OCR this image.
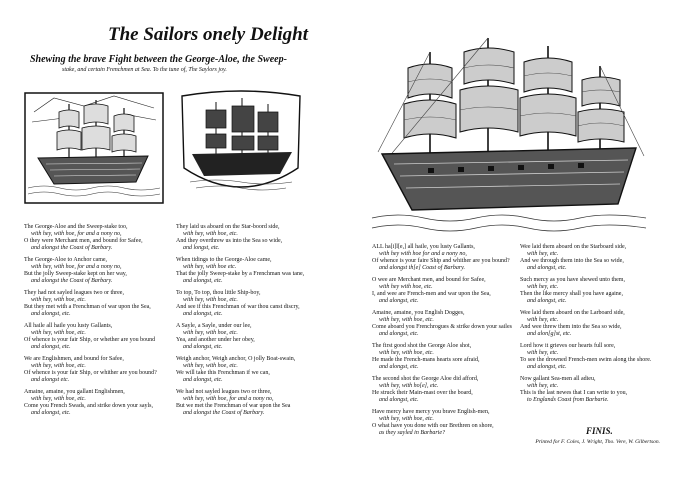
The Sailors onely Delight
Shewing the brave Fight between the George-Aloe, the Sweep-
stake, and certain Frenchmen at Sea. To the tune of, The Saylors joy.
The George-Aloe and the Sweep-stake too,
with hey, with hoe, for and a nony no,
O they were Merchant men, and bound for Safee,
and alongst the Coast of Barbary.
The George-Aloe to Anchor came,
with hey, with hoe, for and a nony no,
But the jolly Sweep-stake kept on her way,
and alongst the Coast of Barbary.
They had not sayled leagues two or three,
with hey, with hoe, etc.
But they met with a Frenchman of war upon the Sea,
and alongst, etc.
All haile all haile you lusty Gallants,
with hey, with hoe, etc.
Of whence is your fair Ship, or whether are you bound
and alongst, etc.
We are Englishmen, and bound for Safee,
with hey, with hoe, etc.
Of whence is your fair Ship, or whither are you bound?
and alongst etc.
Amaine, amaine, you gallant Englishmen,
with hey, with hoe, etc.
Come you French Swads, and strike down your sayls,
and alongst, etc.
They laid us aboard on the Star-boord side,
with hey, with hoe, etc.
And they overthrew us into the Sea so wide,
and longst, etc.
When tidings to the George-Aloe came,
with hey, with hoe etc.
That the jolly Sweep-stake by a Frenchman was tane,
and alongst, etc.
To top, To top, thou little Ship-boy,
with hey, with hoe, etc.
And see if this Frenchman of war thou canst discry,
and alongst, etc.
A Sayle, a Sayle, under our lee,
with hey, with hoe, etc.
Yea, and another under her obey,
and alongst, etc.
Weigh anchor, Weigh anchor, O jolly Boat-swain,
with hey, with hoe, etc.
We will take this Frenchman if we can,
and alongst, etc.
We had not sayled leagues two or three,
with hey, with hoe, for and a nony no,
But we met the Frenchman of war upon the Sea
and alongst the Coast of Barbary.
ALL ha[i]l[e,] all haile, you lusty Gallants,
with hey with hoe for and a nony no,
Of whence is your faire Ship and whither are you bound?
and alongst th[e] Coast of Barbary.
O wee are Merchant men, and bound for Safee,
with hey with hoe, etc.
I, and wee are French-men and war upon the Sea,
and alongst, etc.
Amaine, amaine, you English Dogges,
with hey, with hoe, etc.
Come aboard you Frenchrogues & strike down your sailes
and alongst, etc.
The first good shot the George Aloe shot,
with hey, with hoe, etc.
He made the French-mans hearts sore afraid,
and alongst, etc.
The second shot the George Aloe did afford,
with hey, with ho[e], etc.
He struck their Main-mast over the board,
and alongst, etc.
Have mercy have mercy you brave English-men,
with hey, with hoe, etc.
O what have you done with our Brethren on shore,
as they sayled in Barbarie?
Wee laid them aboard on the Starboard side,
with hey, etc.
And we through them into the Sea so wide,
and alongst, etc.
Such mercy as you have shewed unto them,
with hey, etc.
Then the like mercy shall you have againe,
and alongst, etc.
Wee laid them aboard on the Larboard side,
with hey, etc.
And wee threw them into the Sea so wide,
and alon[g]st, etc.
Lord how it grieves our hearts full sore,
with hey, etc.
To see the drowned French-men swim along the shore.
and alongst, etc.
Now gallant Sea-men all adieu,
with hey, etc.
This is the last newes that I can write to you,
to Englands Coast from Barbarie.
FINIS.
Printed for F. Coles, J. Wright, Tho. Vere, W. Gilbertson.
